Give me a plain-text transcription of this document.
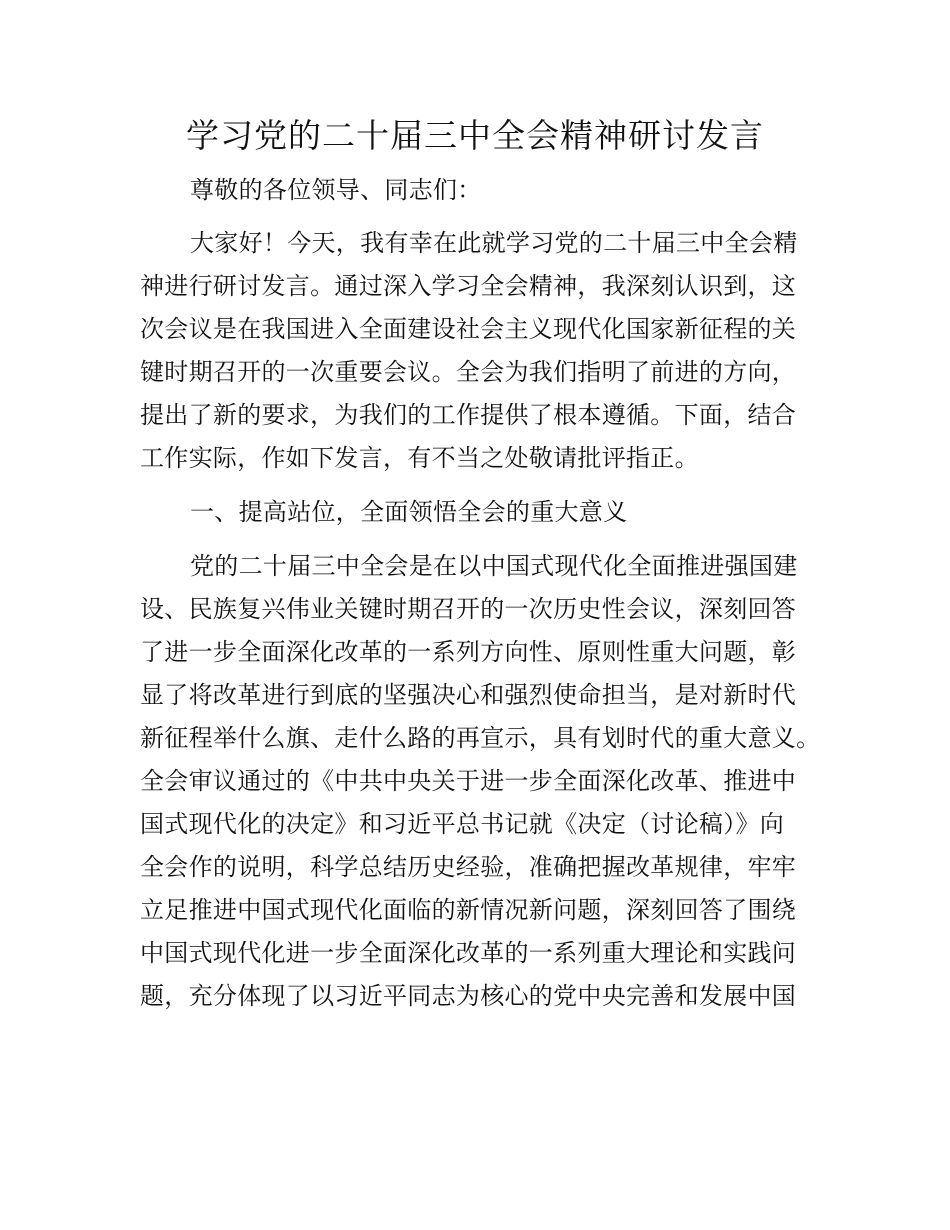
学习党的二十届三中全会精神研讨发言
尊敬的各位领导、同志们：
大家好！今天，我有幸在此就学习党的二十届三中全会精
神进行研讨发言。通过深入学习全会精神，我深刻认识到，这
次会议是在我国进入全面建设社会主义现代化国家新征程的关
键时期召开的一次重要会议。全会为我们指明了前进的方向，
提出了新的要求，为我们的工作提供了根本遵循。下面，结合
工作实际，作如下发言，有不当之处敬请批评指正。
一、提高站位，全面领悟全会的重大意义
党的二十届三中全会是在以中国式现代化全面推进强国建
设、民族复兴伟业关键时期召开的一次历史性会议，深刻回答
了进一步全面深化改革的一系列方向性、原则性重大问题，彰
显了将改革进行到底的坚强决心和强烈使命担当，是对新时代
新征程举什么旗、走什么路的再宣示，具有划时代的重大意义。
全会审议通过的《中共中央关于进一步全面深化改革、推进中
国式现代化的决定》和习近平总书记就《决定（讨论稿）》向
全会作的说明，科学总结历史经验，准确把握改革规律，牢牢
立足推进中国式现代化面临的新情况新问题，深刻回答了围绕
中国式现代化进一步全面深化改革的一系列重大理论和实践问
题，充分体现了以习近平同志为核心的党中央完善和发展中国
